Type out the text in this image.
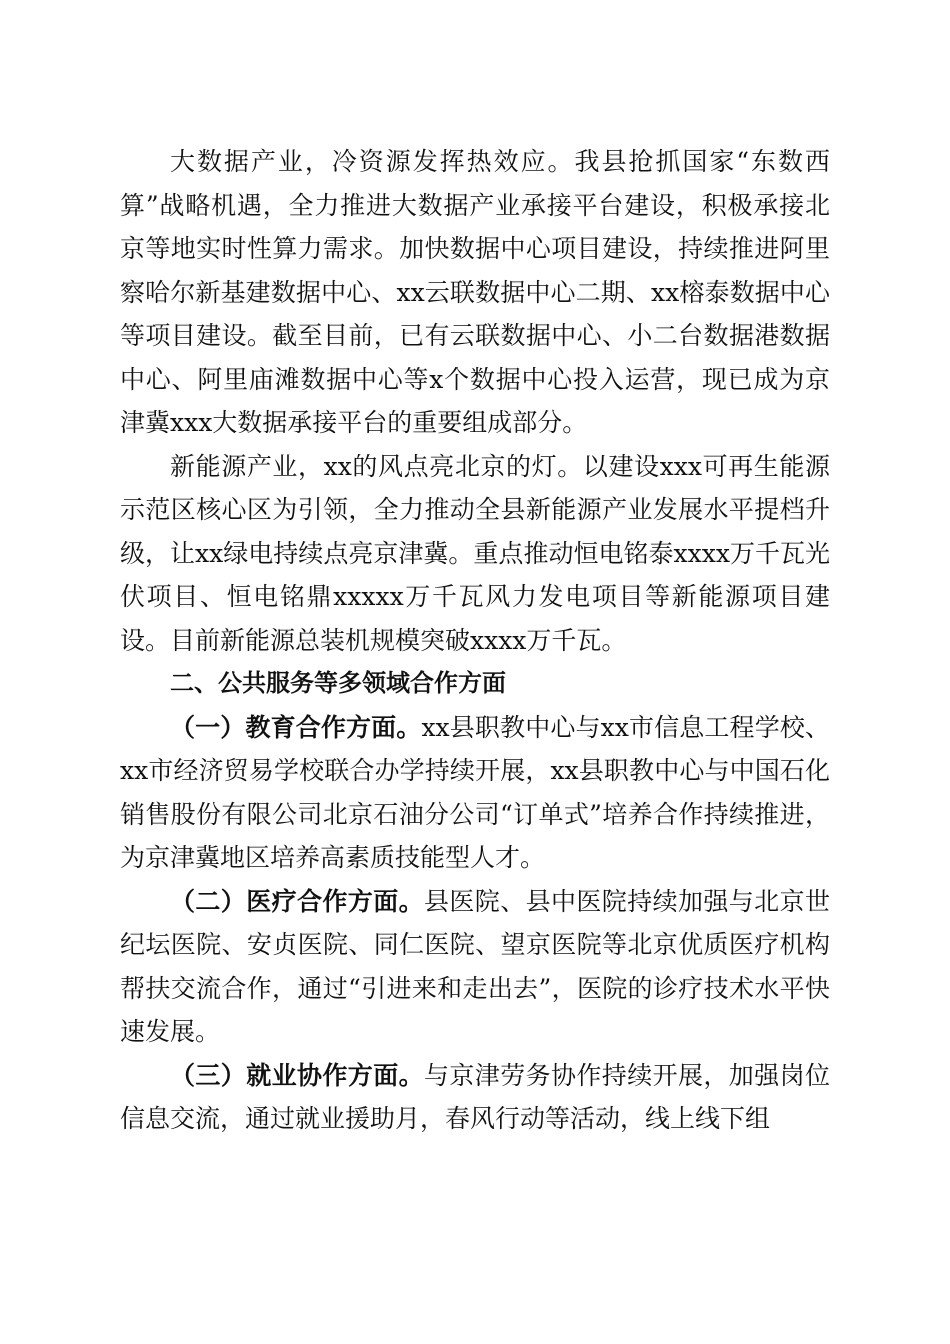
大数据产业，冷资源发挥热效应。我县抢抓国家“东数西算”战略机遇，全力推进大数据产业承接平台建设，积极承接北京等地实时性算力需求。加快数据中心项目建设，持续推进阿里察哈尔新基建数据中心、xx云联数据中心二期、xx榕泰数据中心等项目建设。截至目前，已有云联数据中心、小二台数据港数据中心、阿里庙滩数据中心等x个数据中心投入运营，现已成为京津冀xxx大数据承接平台的重要组成部分。

新能源产业，xx的风点亮北京的灯。以建设xxx可再生能源示范区核心区为引领，全力推动全县新能源产业发展水平提档升级，让xx绿电持续点亮京津冀。重点推动恒电铭泰xxxx万千瓦光伏项目、恒电铭鼎xxxxx万千瓦风力发电项目等新能源项目建设。目前新能源总装机规模突破xxxx万千瓦。

二、公共服务等多领域合作方面

（一）教育合作方面。xx县职教中心与xx市信息工程学校、xx市经济贸易学校联合办学持续开展，xx县职教中心与中国石化销售股份有限公司北京石油分公司“订单式”培养合作持续推进，为京津冀地区培养高素质技能型人才。

（二）医疗合作方面。县医院、县中医院持续加强与北京世纪坛医院、安贞医院、同仁医院、望京医院等北京优质医疗机构帮扶交流合作，通过“引进来和走出去”，医院的诊疗技术水平快速发展。

（三）就业协作方面。与京津劳务协作持续开展，加强岗位信息交流，通过就业援助月，春风行动等活动，线上线下组
